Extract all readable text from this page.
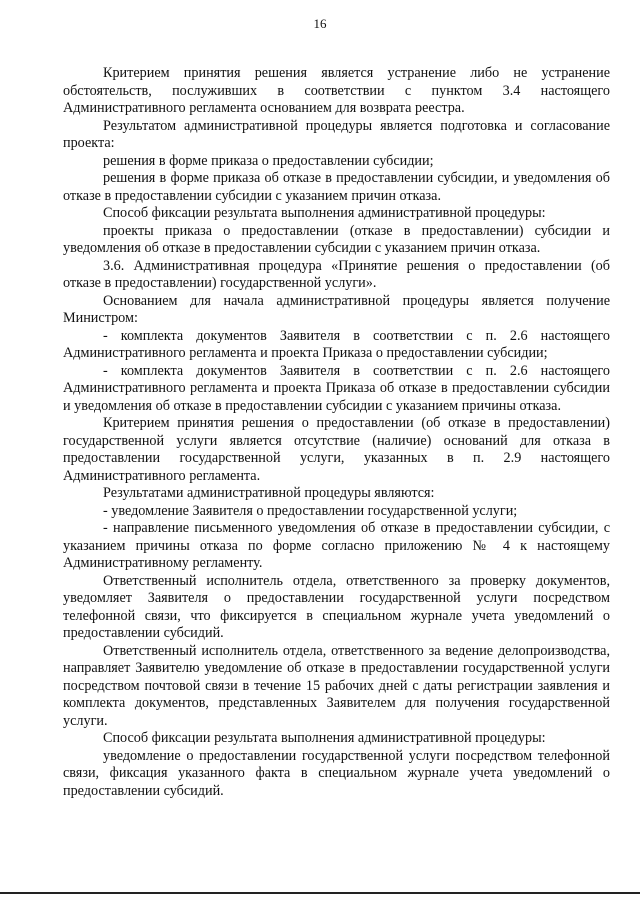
16

Критерием принятия решения является устранение либо не устранение обстоятельств, послуживших в соответствии с пунктом 3.4 настоящего Административного регламента основанием для возврата реестра.

Результатом административной процедуры является подготовка и согласование проекта:

решения в форме приказа о предоставлении субсидии;

решения в форме приказа об отказе в предоставлении субсидии, и уведомления об отказе в предоставлении субсидии с указанием причин отказа.

Способ фиксации результата выполнения административной процедуры:

проекты приказа о предоставлении (отказе в предоставлении) субсидии и уведомления об отказе в предоставлении субсидии с указанием причин отказа.

3.6. Административная процедура «Принятие решения о предоставлении (об отказе в предоставлении) государственной услуги».

Основанием для начала административной процедуры является получение Министром:

- комплекта документов Заявителя в соответствии с п. 2.6 настоящего Административного регламента и проекта Приказа о предоставлении субсидии;

- комплекта документов Заявителя в соответствии с п. 2.6 настоящего Административного регламента и проекта Приказа об отказе в предоставлении субсидии и уведомления об отказе в предоставлении субсидии с указанием причины отказа.

Критерием принятия решения о предоставлении (об отказе в предоставлении) государственной услуги является отсутствие (наличие) оснований для отказа в предоставлении государственной услуги, указанных в п. 2.9 настоящего Административного регламента.

Результатами административной процедуры являются:

- уведомление Заявителя о предоставлении государственной услуги;

- направление письменного уведомления об отказе в предоставлении субсидии, с указанием причины отказа по форме согласно приложению № 4 к настоящему Административному регламенту.

Ответственный исполнитель отдела, ответственного за проверку документов, уведомляет Заявителя о предоставлении государственной услуги посредством телефонной связи, что фиксируется в специальном журнале учета уведомлений о предоставлении субсидий.

Ответственный исполнитель отдела, ответственного за ведение делопроизводства, направляет Заявителю уведомление об отказе в предоставлении государственной услуги посредством почтовой связи в течение 15 рабочих дней с даты регистрации заявления и комплекта документов, представленных Заявителем для получения государственной услуги.

Способ фиксации результата выполнения административной процедуры:

уведомление о предоставлении государственной услуги посредством телефонной связи, фиксация указанного факта в специальном журнале учета уведомлений о предоставлении субсидий.
